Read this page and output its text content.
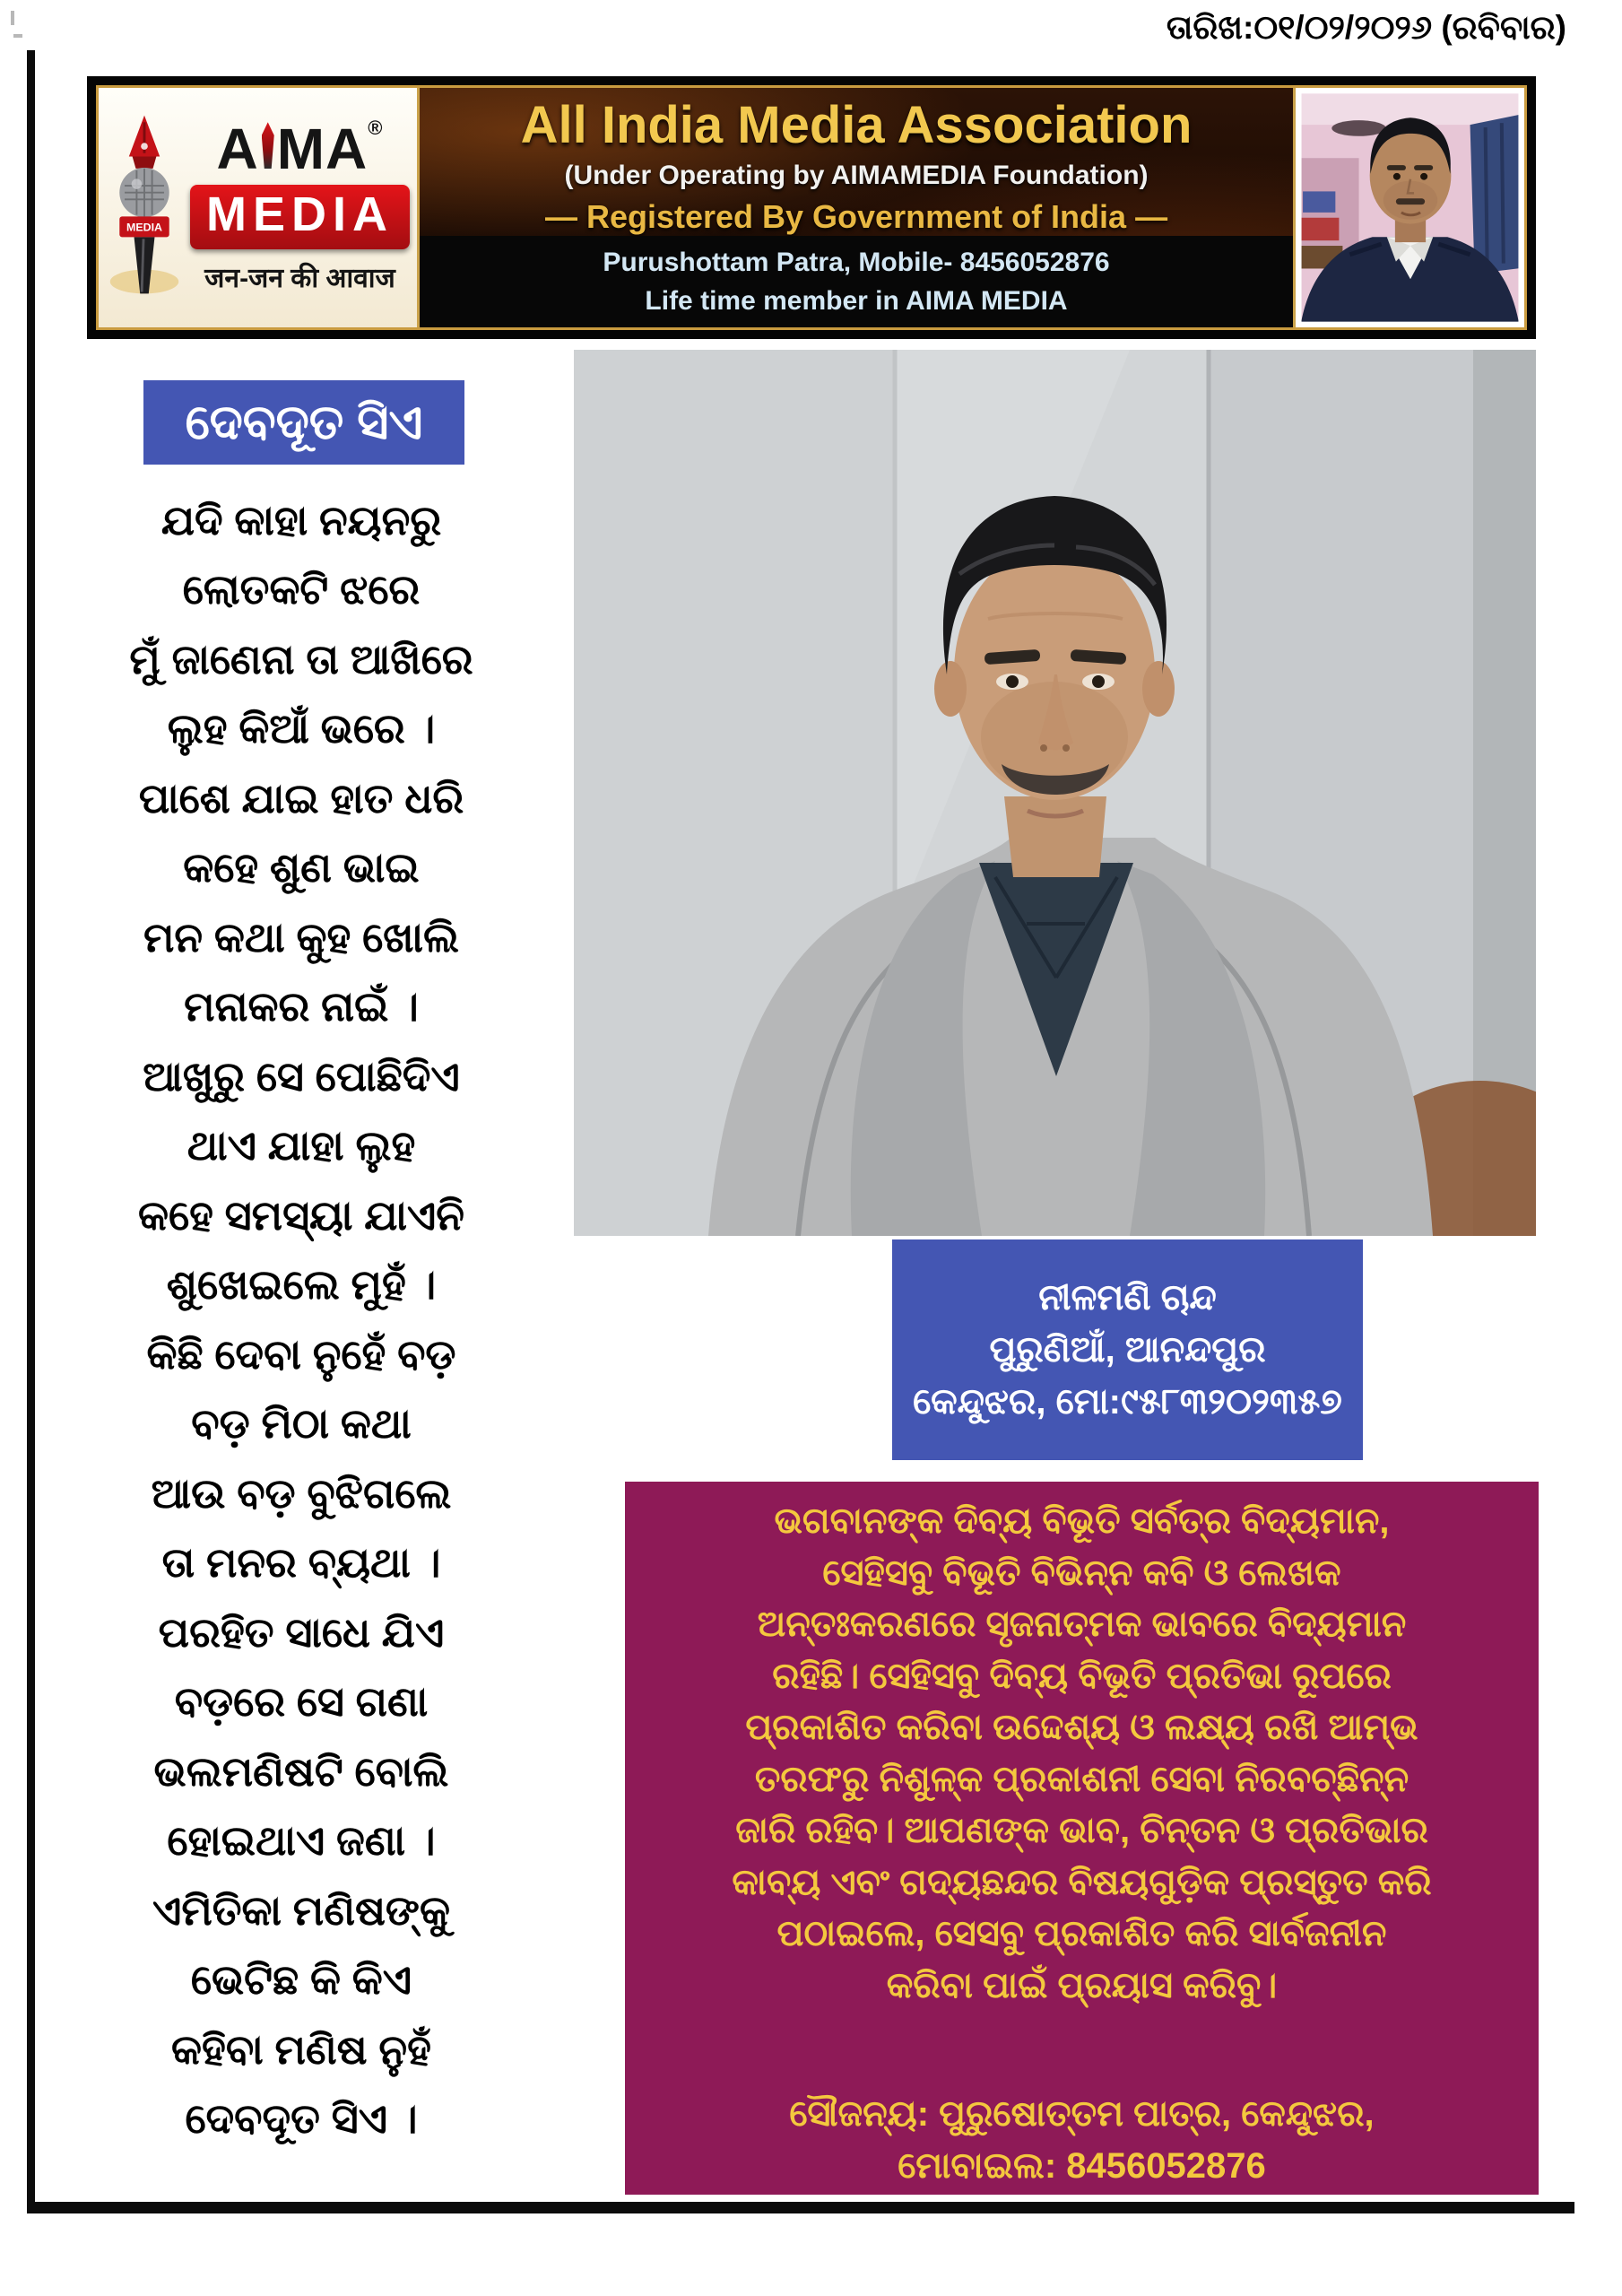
ତାରିଖ:୦୧/୦୨/୨୦୨୬ (ରବିବାର)
MEDIA
A MA ®
MEDIA
जन-जन की आवाज
All India Media Association
(Under Operating by AIMAMEDIA Foundation)
— Registered By Government of India —
Purushottam Patra, Mobile- 8456052876
Life time member in AIMA MEDIA
ଦେବଦୂତ ସିଏ
ଯଦି କାହା ନୟନରୁ
ଲୋତକଟି ଝରେ
ମୁଁ ଜାଣେନା ତା ଆଖିରେ
ଲୁହ କିଆଁ ଭରେ ।
ପାଶେ ଯାଇ ହାତ ଧରି
କହେ ଶୁଣ ଭାଇ
ମନ କଥା କୁହ ଖୋଲି
ମନାକର ନାଇଁ ।
ଆଖୁରୁ ସେ ପୋଛିଦିଏ
ଥାଏ ଯାହା ଲୁହ
କହେ ସମସ୍ୟା ଯାଏନି
ଶୁଖେଇଲେ ମୁହଁ ।
କିଛି ଦେବା ନୁହେଁ ବଡ଼
ବଡ଼ ମିଠା କଥା
ଆଉ ବଡ଼ ବୁଝିଗଲେ
ତା ମନର ବ୍ୟଥା ।
ପରହିତ ସାଧେ ଯିଏ
ବଡ଼ରେ ସେ ଗଣା
ଭଲମଣିଷଟି ବୋଲି
ହୋଇଥାଏ ଜଣା ।
ଏମିତିକା ମଣିଷଙ୍କୁ
ଭେଟିଛ କି କିଏ
କହିବା ମଣିଷ ନୁହଁ
ଦେବଦୂତ ସିଏ ।
ନୀଳମଣି ଚାନ୍ଦ
ପୁରୁଣିଆଁ, ଆନନ୍ଦପୁର
କେନ୍ଦୁଝର, ମୋ:୯୫୮୩୨୦୨୩୫୭
ଭଗବାନଙ୍କ ଦିବ୍ୟ ବିଭୂତି ସର୍ବତ୍ର ବିଦ୍ୟମାନ,
ସେହିସବୁ ବିଭୂତି ବିଭିନ୍ନ କବି ଓ ଲେଖକ
ଅନ୍ତଃକରଣରେ ସୃଜନାତ୍ମକ ଭାବରେ ବିଦ୍ୟମାନ
ରହିଛି। ସେହିସବୁ ଦିବ୍ୟ ବିଭୂତି ପ୍ରତିଭା ରୂପରେ
ପ୍ରକାଶିତ କରିବା ଉଦ୍ଦେଶ୍ୟ ଓ ଲକ୍ଷ୍ୟ ରଖି ଆମ୍ଭ
ତରଫରୁ ନିଶୁଳ୍କ ପ୍ରକାଶନୀ ସେବା ନିରବଚ୍ଛିନ୍ନ
ଜାରି ରହିବ। ଆପଣଙ୍କ ଭାବ, ଚିନ୍ତନ ଓ ପ୍ରତିଭାର
କାବ୍ୟ ଏବଂ ଗଦ୍ୟଛନ୍ଦର ବିଷୟଗୁଡ଼ିକ ପ୍ରସ୍ତୁତ କରି
ପଠାଇଲେ, ସେସବୁ ପ୍ରକାଶିତ କରି ସାର୍ବଜନୀନ
କରିବା ପାଇଁ ପ୍ରୟାସ କରିବୁ।
ସୌଜନ୍ୟ: ପୁରୁଷୋତ୍ତମ ପାତ୍ର, କେନ୍ଦୁଝର,
ମୋବାଇଲ: 8456052876
